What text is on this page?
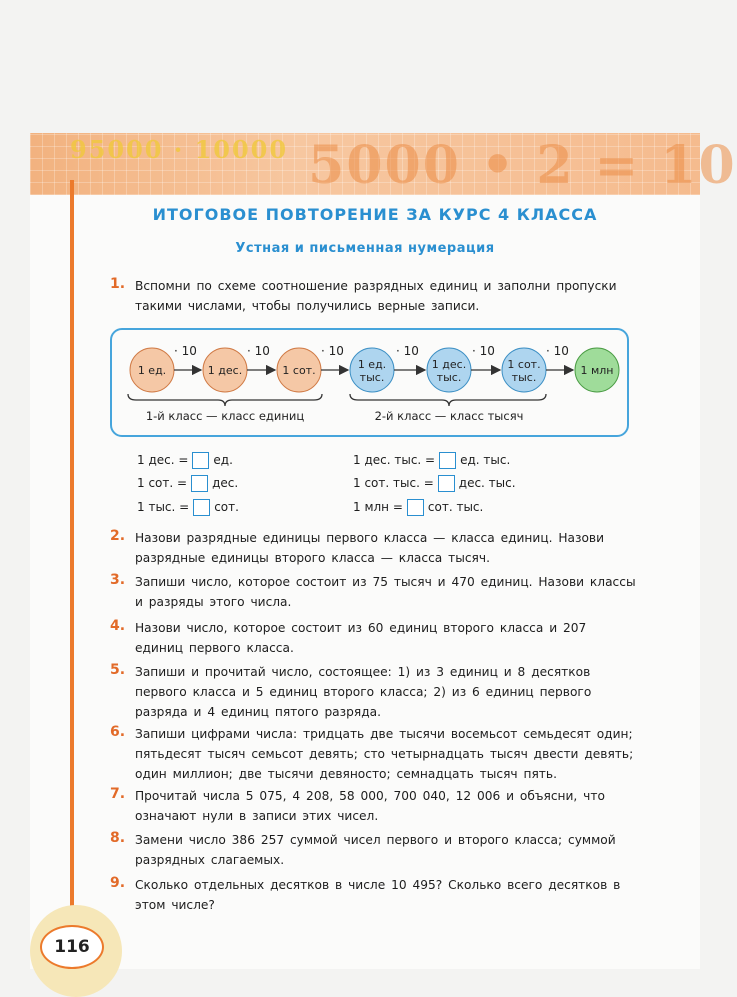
$^{95000 \cdot 10000}$ 5000 • 2 = 10
116
ИТОГОВОЕ ПОВТОРЕНИЕ ЗА КУРС 4 КЛАССА
Устная и письменная нумерация
1. Вспомни по схеме соотношение разрядных единиц и заполни пропуски такими числами, чтобы получились верные записи.
· 10	· 10	· 10	· 10	· 10	· 10
1 ед.	1 дес.	1 сот.	1 ед.
тыс.
1 дес.
тыс.
1 сот.
тыс.
1 млн
1-й класс — класс единиц	2-й класс — класс тысяч
1 дес. = ед.
1 сот. = дес.
1 тыс. = сот.
1 дес. тыс. = ед. тыс.
1 сот. тыс. = дес. тыс.
1 млн = сот. тыс.
2. Назови разрядные единицы первого класса — класса единиц. Назови разрядные единицы второго класса — класса тысяч.
3. Запиши число, которое состоит из 75 тысяч и 470 единиц. Назови классы и разряды этого числа.
4. Назови число, которое состоит из 60 единиц второго класса и 207 единиц первого класса.
5. Запиши и прочитай число, состоящее: 1) из 3 единиц и 8 десятков первого класса и 5 единиц второго класса; 2) из 6 единиц первого разряда и 4 единиц пятого разряда.
6. Запиши цифрами числа: тридцать две тысячи восемьсот семьдесят один; пятьдесят тысяч семьсот девять; сто четырнадцать тысяч двести девять; один миллион; две тысячи девяносто; семнадцать тысяч пять.
7. Прочитай числа 5 075, 4 208, 58 000, 700 040, 12 006 и объясни, что означают нули в записи этих чисел.
8. Замени число 386 257 суммой чисел первого и второго класса; суммой разрядных слагаемых.
9. Сколько отдельных десятков в числе 10 495? Сколько всего десятков в этом числе?
